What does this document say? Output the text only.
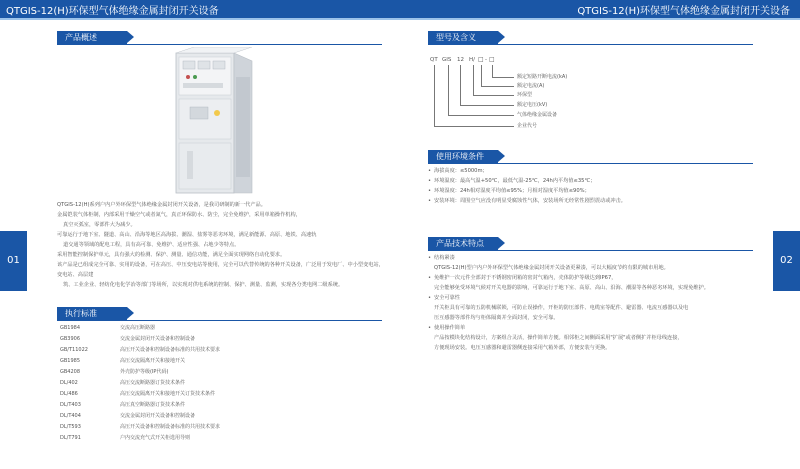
QTGIS-12(H)环保型气体绝缘金属封闭开关设备	QTGIS-12(H)环保型气体绝缘金属封闭开关设备
01	02
产品概述
QTGIS-12(H)系列户内户外环保型气体绝缘金属封闭开关设备，是我司研制的新一代产品。
金属铠装气体柜制，内部采用干燥空气或者氮气，真正环保防水、防尘，完全免维护，采用单箱操作机构，
真空灭弧室，零部件大为减少。
可靠运行于地下室、隧道、高山、沿海等地区高海拔、潮湿、盐雾等恶劣环境，满足新能源、高原、地铁、高速轨
道交通等领域的配电工程，具有高可靠、免维护、适应性强、占地少等特点。
采用智能控制保护单元，具有强大的检测、保护、测量、通信功能，满足全面实现网络自动化要求。
该产品是已组成完全可靠、实用的设备，可在高压、中压变电站等使用，完全可以代替传统的各种开关设备，广泛用于发电厂、中小型变电站，变电站、高层建
筑、工业企业、轻纺化电化学冶等部门等场所，以实现对供电系统的控制、保护、测量、监测，实现各分类电网二级系统。
执行标准
GB1984	交流高压断路器
GB3906	交流金属封闭开关设备和控制设备
GB/T11022	高压开关设备和控制设备标准的共用技术要求
GB1985	高压交流隔离开关和接地开关
GB4208	外壳防护等级(IP代码)
DL/402	高压交流断路器订货技术条件
DL/486	高压交流隔离开关和接地开关订货技术条件
DL/T403	高压真空断路器订货技术条件
DL/T404	交流金属封闭开关设备和控制设备
DL/T593	高压开关设备和控制设备标准的共用技术要求
DL/T791	户内交流充气式开关柜选用导则
型号及含义
QT GIS 12 H/ □ - □
额定短路开断电流(kA)
额定电流(A)
环保型
额定电压(kV)
气体绝缘金属设备
企业代号
使用环境条件
• 海拔高度：≤5000m；
• 环境温度：最高气温+50℃，最低气温-25℃，24h内平均值≤35℃；
• 环境湿度：24h相对湿度平均值≤95%；月相对湿度平均值≤90%；
• 安装环境：周围空气应没有明显受腐蚀性气体，安装场所无经常性剧烈震动或冲击。
产品技术特点
• 结构紧凑
QTGIS-12(H)型户内户外环保型气体绝缘金属封闭开关设备更紧凑，可以大幅度节约有限的城市用地。
• 免维护一次元件全部封于不锈钢密闭箱的密封气箱内，壳体防护等级达到IP67，
完全能够免受环境气候对开关电器的影响，可靠运行于地下室、高原、高山、沿海、潮湿等各种恶劣环境，实现免维护。
• 安全可靠性
开关柜具有可靠的五防机械联锁，可防止误操作，开柜的防压部件、电缆室等配件、避雷器、电流互感器以及电
压互感器等部件均与柜体隔离并全面封闭，安全可靠。
• 使用操作简单
产品按模块化结构设计，方案组合灵活，操作简单方便。相邻柜之间侧面采用"扩展"或者侧扩并柜母线连接，
方便现场安装。电压互感器和避雷器侧连接采用气箱外部，方便安装与更换。
